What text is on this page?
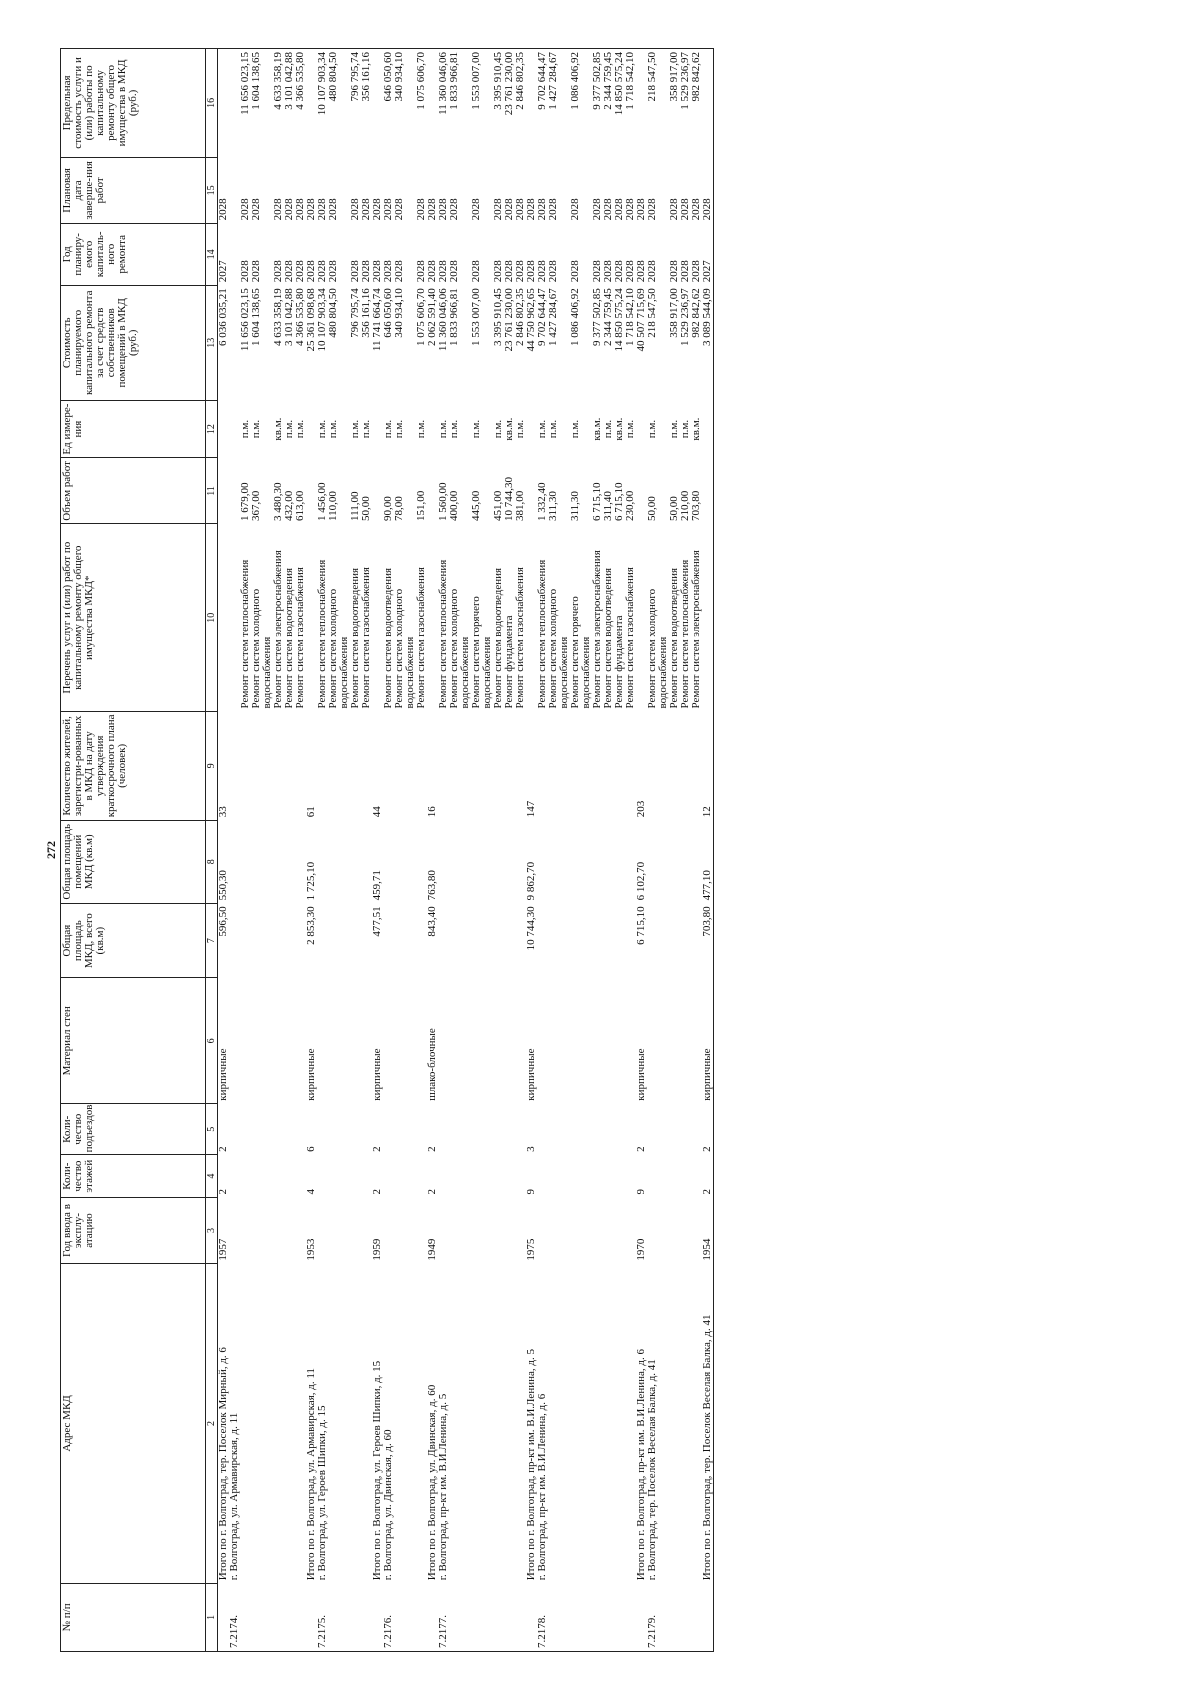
272
№ п/п	Адрес МКД	Год ввода в эксплу-атацию	Коли-чество этажей	Коли-чество подъездов	Материал стен	Общая площадь МКД, всего (кв.м)	Общая площадь помещений МКД (кв.м)	Количество жителей, зарегистри-рованных в МКД на дату утверждения краткосрочного плана (человек)	Перечень услуг и (или) работ по капитальному ремонту общего имущества МКД*	Объем работ	Ед измере-ния	Стоимость планируемого капитального ремонта за счет средств собственников помещений в МКД (руб.)	Год планиру-емого капиталь-ного ремонта	Плановая дата заверше-ния работ	Предельная стоимость услуги и (или) работы по капитальному ремонту общего имущества в МКД (руб.)
1	2	3	4	5	6	7	8	9	10	11	12	13	14	15	16
	Итого по г. Волгоград, тер. Поселок Мирный, д. 6	1957	2	2	кирпичные	596,50	550,30	33				6 036 035,21	2027	2028	
7.2174.	г. Волгоград, ул. Армавирская, д. 11														
									Ремонт систем теплоснабжения	1 679,00	п.м.	11 656 023,15	2028	2028	11 656 023,15
									Ремонт систем холодного водоснабжения	367,00	п.м.	1 604 138,65	2028	2028	1 604 138,65
									Ремонт систем электроснабжения	3 480,30	кв.м.	4 633 358,19	2028	2028	4 633 358,19
									Ремонт систем водоотведения	432,00	п.м.	3 101 042,88	2028	2028	3 101 042,88
									Ремонт систем газоснабжения	613,00	п.м.	4 366 535,80	2028	2028	4 366 535,80
	Итого по г. Волгоград, ул. Армавирская, д. 11	1953	4	6	кирпичные	2 853,30	1 725,10	61				25 361 098,68	2028	2028	
7.2175.	г. Волгоград, ул. Героев Шипки, д. 15								Ремонт систем теплоснабжения	1 456,00	п.м.	10 107 903,34	2028	2028	10 107 903,34
									Ремонт систем холодного водоснабжения	110,00	п.м.	480 804,50	2028	2028	480 804,50
									Ремонт систем водоотведения	111,00	п.м.	796 795,74	2028	2028	796 795,74
									Ремонт систем газоснабжения	50,00	п.м.	356 161,16	2028	2028	356 161,16
	Итого по г. Волгоград, ул. Героев Шипки, д. 15	1959	2	2	кирпичные	477,51	459,71	44				11 741 664,74	2028	2028	
7.2176.	г. Волгоград, ул. Двинская, д. 60								Ремонт систем водоотведения	90,00	п.м.	646 050,60	2028	2028	646 050,60
									Ремонт систем холодного водоснабжения	78,00	п.м.	340 934,10	2028	2028	340 934,10
									Ремонт систем газоснабжения	151,00	п.м.	1 075 606,70	2028	2028	1 075 606,70
	Итого по г. Волгоград, ул. Двинская, д. 60	1949	2	2	шлако-блочные	843,40	763,80	16				2 062 591,40	2028	2028	
7.2177.	г. Волгоград, пр-кт им. В.И.Ленина, д. 5								Ремонт систем теплоснабжения	1 560,00	п.м.	11 360 046,06	2028	2028	11 360 046,06
									Ремонт систем холодного водоснабжения	400,00	п.м.	1 833 966,81	2028	2028	1 833 966,81
									Ремонт систем горячего водоснабжения	445,00	п.м.	1 553 007,00	2028	2028	1 553 007,00
									Ремонт систем водоотведения	451,00	п.м.	3 395 910,45	2028	2028	3 395 910,45
									Ремонт фундамента	10 744,30	кв.м.	23 761 230,00	2028	2028	23 761 230,00
									Ремонт систем газоснабжения	381,00	п.м.	2 846 802,35	2028	2028	2 846 802,35
	Итого по г. Волгоград, пр-кт им. В.И.Ленина, д. 5	1975	9	3	кирпичные	10 744,30	9 862,70	147				44 750 962,65	2028	2028	
7.2178.	г. Волгоград, пр-кт им. В.И.Ленина, д. 6								Ремонт систем теплоснабжения	1 332,40	п.м.	9 702 644,47	2028	2028	9 702 644,47
									Ремонт систем холодного водоснабжения	311,30	п.м.	1 427 284,67	2028	2028	1 427 284,67
									Ремонт систем горячего водоснабжения	311,30	п.м.	1 086 406,92	2028	2028	1 086 406,92
									Ремонт систем электроснабжения	6 715,10	кв.м.	9 377 502,85	2028	2028	9 377 502,85
									Ремонт систем водоотведения	311,40	п.м.	2 344 759,45	2028	2028	2 344 759,45
									Ремонт фундамента	6 715,10	кв.м.	14 850 575,24	2028	2028	14 850 575,24
									Ремонт систем газоснабжения	230,00	п.м.	1 718 542,10	2028	2028	1 718 542,10
	Итого по г. Волгоград, пр-кт им. В.И.Ленина, д. 6	1970	9	2	кирпичные	6 715,10	6 102,70	203				40 507 715,69	2028	2028	
7.2179.	г. Волгоград, тер. Поселок Веселая Балка, д. 41								Ремонт систем холодного водоснабжения	50,00	п.м.	218 547,50	2028	2028	218 547,50
									Ремонт систем водоотведения	50,00	п.м.	358 917,00	2028	2028	358 917,00
									Ремонт систем теплоснабжения	210,00	п.м.	1 529 236,97	2028	2028	1 529 236,97
									Ремонт систем электроснабжения	703,80	кв.м.	982 842,62	2028	2028	982 842,62
	Итого по г. Волгоград, тер. Поселок Веселая Балка, д. 41	1954	2	2	кирпичные	703,80	477,10	12				3 089 544,09	2027	2028	
